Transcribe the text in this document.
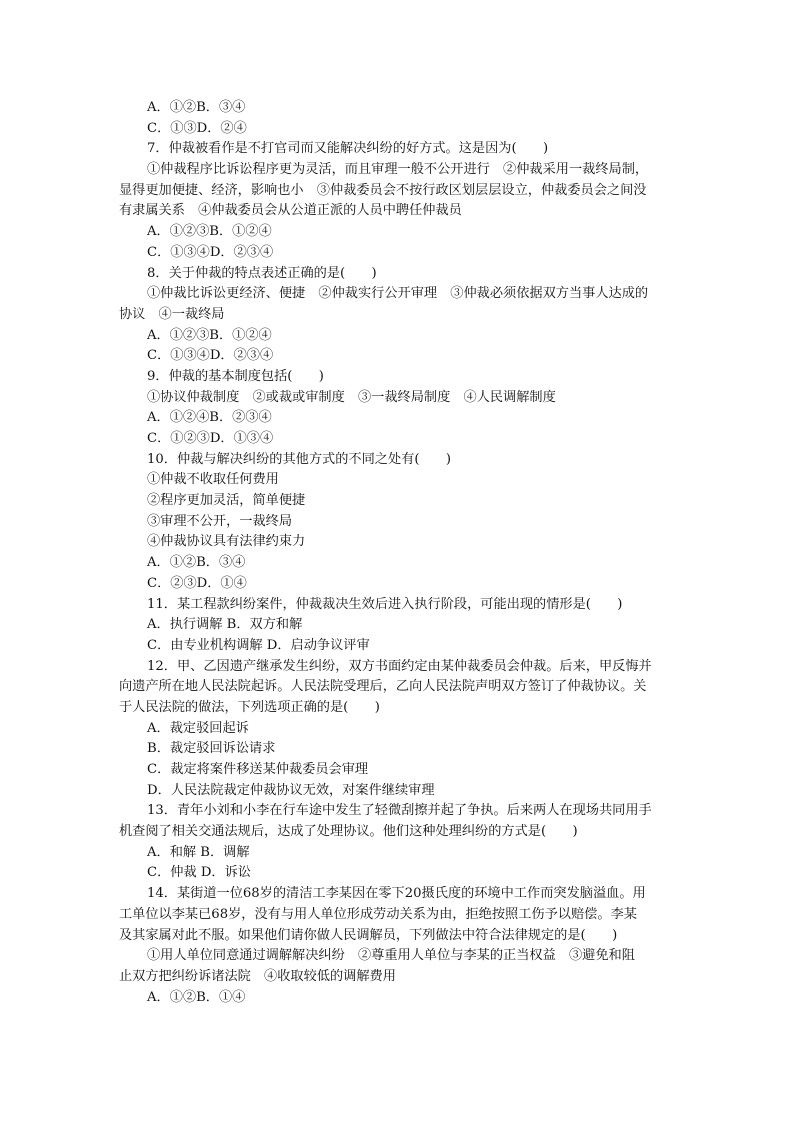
A．①②B．③④
C．①③D．②④
7．仲裁被看作是不打官司而又能解决纠纷的好方式。这是因为(　　)
①仲裁程序比诉讼程序更为灵活，而且审理一般不公开进行　②仲裁采用一裁终局制，
显得更加便捷、经济，影响也小　③仲裁委员会不按行政区划层层设立，仲裁委员会之间没
有隶属关系　④仲裁委员会从公道正派的人员中聘任仲裁员
A．①②③B．①②④
C．①③④D．②③④
8．关于仲裁的特点表述正确的是(　　)
①仲裁比诉讼更经济、便捷　②仲裁实行公开审理　③仲裁必须依据双方当事人达成的
协议　④一裁终局
A．①②③B．①②④
C．①③④D．②③④
9．仲裁的基本制度包括(　　)
①协议仲裁制度　②或裁或审制度　③一裁终局制度　④人民调解制度
A．①②④B．②③④
C．①②③D．①③④
10．仲裁与解决纠纷的其他方式的不同之处有(　　)
①仲裁不收取任何费用
②程序更加灵活，简单便捷
③审理不公开，一裁终局
④仲裁协议具有法律约束力
A．①②B．③④
C．②③D．①④
11．某工程款纠纷案件，仲裁裁决生效后进入执行阶段，可能出现的情形是(　　)
A．执行调解 B．双方和解
C．由专业机构调解 D．启动争议评审
12．甲、乙因遗产继承发生纠纷，双方书面约定由某仲裁委员会仲裁。后来，甲反悔并
向遗产所在地人民法院起诉。人民法院受理后，乙向人民法院声明双方签订了仲裁协议。关
于人民法院的做法，下列选项正确的是(　　)
A．裁定驳回起诉
B．裁定驳回诉讼请求
C．裁定将案件移送某仲裁委员会审理
D．人民法院裁定仲裁协议无效，对案件继续审理
13．青年小刘和小李在行车途中发生了轻微刮擦并起了争执。后来两人在现场共同用手
机查阅了相关交通法规后，达成了处理协议。他们这种处理纠纷的方式是(　　)
A．和解 B．调解
C．仲裁 D．诉讼
14．某街道一位68岁的清洁工李某因在零下20摄氏度的环境中工作而突发脑溢血。用
工单位以李某已68岁，没有与用人单位形成劳动关系为由，拒绝按照工伤予以赔偿。李某
及其家属对此不服。如果他们请你做人民调解员，下列做法中符合法律规定的是(　　)
①用人单位同意通过调解解决纠纷　②尊重用人单位与李某的正当权益　③避免和阻
止双方把纠纷诉诸法院　④收取较低的调解费用
A．①②B．①④
